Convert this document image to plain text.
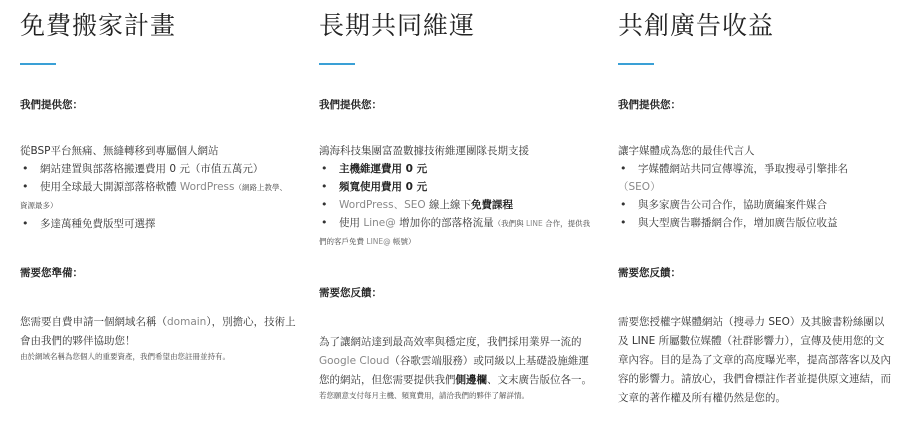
免費搬家計畫
我們提供您：

從BSP平台無痛、無縫轉移到專屬個人網站

• 網站建置與部落格搬遷費用 0 元（市值五萬元）
• 使用全球最大開源部落格軟體 WordPress（網路上教學、

資源最多）

• 多達萬種免費版型可選擇
需要您準備：

您需要自費申請一個網域名稱（domain），別擔心，技術上會由我們的夥伴協助您！

由於網域名稱為您個人的重要資產，我們希望由您註冊並持有。

長期共同維運
我們提供您：

鴻海科技集團富盈數據技術維運團隊長期支援

• 主機維運費用 0 元
• 頻寬使用費用 0 元
• WordPress、SEO 線上線下免費課程
• 使用 Line@ 增加你的部落格流量（我們與 LINE 合作，提供我

們的客戶免費 LINE@ 帳號）

需要您反饋：

為了讓網站達到最高效率與穩定度，我們採用業界一流的 Google Cloud（谷歌雲端服務）或同級以上基礎設施維運您的網站，但您需要提供我們側邊欄、文末廣告版位各一。

若您願意支付每月主機、頻寬費用，請洽我們的夥伴了解詳情。

共創廣告收益
我們提供您：

讓字媒體成為您的最佳代言人

• 字媒體網站共同宣傳導流，爭取搜尋引擎排名

（SEO）

• 與多家廣告公司合作，協助廣編案件媒合
• 與大型廣告聯播網合作，增加廣告版位收益
需要您反饋：

需要您授權字媒體網站（搜尋力 SEO）及其臉書粉絲團以及 LINE 所屬數位媒體（社群影響力），宣傳及使用您的文章內容。目的是為了文章的高度曝光率，提高部落客以及內容的影響力。請放心，我們會標註作者並提供原文連結，而文章的著作權及所有權仍然是您的。
